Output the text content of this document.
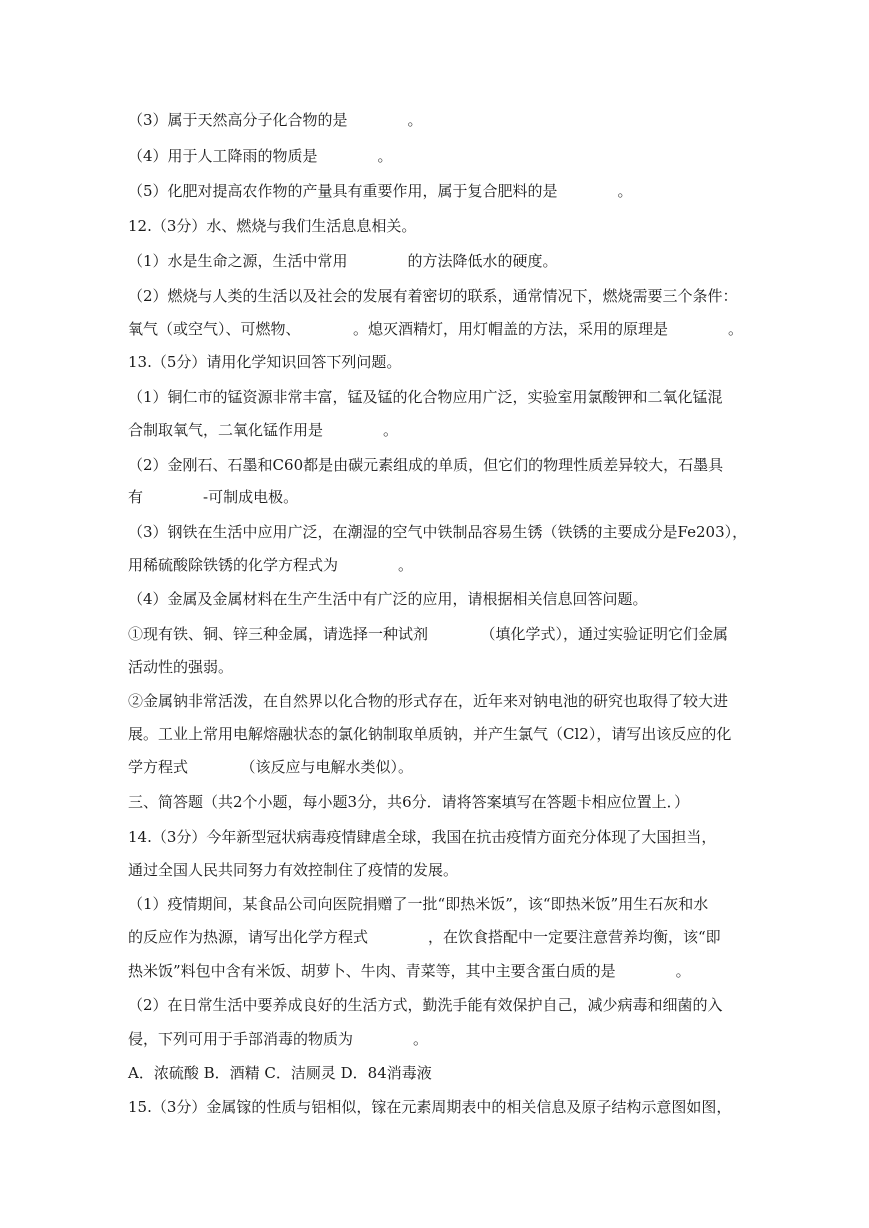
（3）属于天然高分子化合物的是　　　　。
（4）用于人工降雨的物质是　　　　。
（5）化肥对提高农作物的产量具有重要作用，属于复合肥料的是　　　　。
12.（3分）水、燃烧与我们生活息息相关。
（1）水是生命之源，生活中常用　　　　的方法降低水的硬度。
（2）燃烧与人类的生活以及社会的发展有着密切的联系，通常情况下，燃烧需要三个条件：
氧气（或空气）、可燃物、　　　　。熄灭酒精灯，用灯帽盖的方法，采用的原理是　　　　。
13.（5分）请用化学知识回答下列问题。
（1）铜仁市的锰资源非常丰富，锰及锰的化合物应用广泛，实验室用氯酸钾和二氧化锰混
合制取氧气，二氧化锰作用是　　　　。
（2）金刚石、石墨和C60都是由碳元素组成的单质，但它们的物理性质差异较大，石墨具
有　　　　-可制成电极。
（3）钢铁在生活中应用广泛，在潮湿的空气中铁制品容易生锈（铁锈的主要成分是Fe203），
用稀硫酸除铁锈的化学方程式为　　　　。
（4）金属及金属材料在生产生活中有广泛的应用，请根据相关信息回答问题。
①现有铁、铜、锌三种金属，请选择一种试剂　　　　（填化学式），通过实验证明它们金属
活动性的强弱。
②金属钠非常活泼，在自然界以化合物的形式存在，近年来对钠电池的研究也取得了较大进
展。工业上常用电解熔融状态的氯化钠制取单质钠，并产生氯气（Cl2），请写出该反应的化
学方程式　　　　（该反应与电解水类似）。
三、简答题（共2个小题，每小题3分，共6分．请将答案填写在答题卡相应位置上．）
14.（3分）今年新型冠状病毒疫情肆虐全球，我国在抗击疫情方面充分体现了大国担当，
通过全国人民共同努力有效控制住了疫情的发展。
（1）疫情期间，某食品公司向医院捐赠了一批“即热米饭”，该“即热米饭”用生石灰和水
的反应作为热源，请写出化学方程式　　　　，在饮食搭配中一定要注意营养均衡，该“即
热米饭”料包中含有米饭、胡萝卜、牛肉、青菜等，其中主要含蛋白质的是　　　　。
（2）在日常生活中要养成良好的生活方式，勤洗手能有效保护自己，减少病毒和细菌的入
侵，下列可用于手部消毒的物质为　　　　。
A．浓硫酸 B．酒精 C．洁厕灵 D．84消毒液
15.（3分）金属镓的性质与铝相似，镓在元素周期表中的相关信息及原子结构示意图如图，
